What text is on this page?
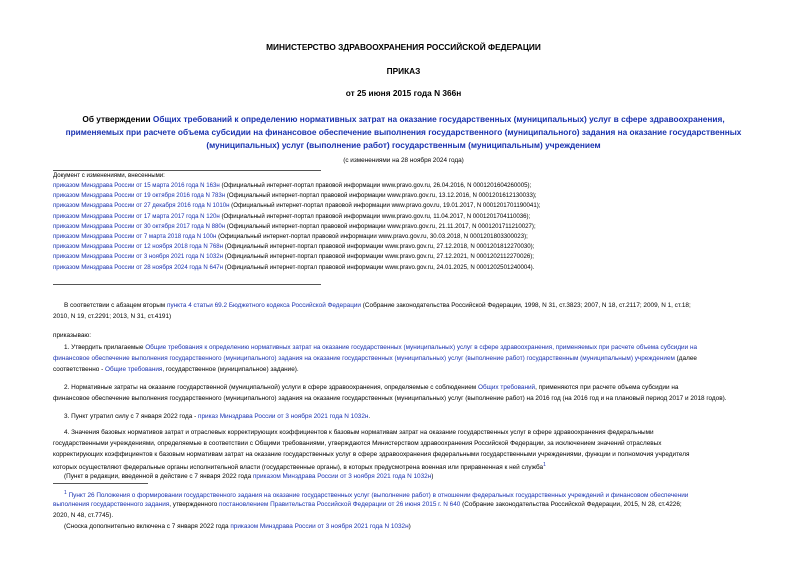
МИНИСТЕРСТВО ЗДРАВООХРАНЕНИЯ РОССИЙСКОЙ ФЕДЕРАЦИИ
ПРИКАЗ
от 25 июня 2015 года N 366н
Об утверждении Общих требований к определению нормативных затрат на оказание государственных (муниципальных) услуг в сфере здравоохранения,
применяемых при расчете объема субсидии на финансовое обеспечение выполнения государственного (муниципального) задания на оказание государственных
(муниципальных) услуг (выполнение работ) государственным (муниципальным) учреждением
(с изменениями на 28 ноября 2024 года)
Документ с изменениями, внесенными:
приказом Минздрава России от 15 марта 2016 года N 163н (Официальный интернет-портал правовой информации www.pravo.gov.ru, 26.04.2016, N 0001201604260005);
приказом Минздрава России от 19 октября 2016 года N 783н (Официальный интернет-портал правовой информации www.pravo.gov.ru, 13.12.2016, N 0001201612130033);
приказом Минздрава России от 27 декабря 2016 года N 1010н (Официальный интернет-портал правовой информации www.pravo.gov.ru, 19.01.2017, N 0001201701190041);
приказом Минздрава России от 17 марта 2017 года N 120н (Официальный интернет-портал правовой информации www.pravo.gov.ru, 11.04.2017, N 0001201704110036);
приказом Минздрава России от 30 октября 2017 года N 880н (Официальный интернет-портал правовой информации www.pravo.gov.ru, 21.11.2017, N 0001201711210027);
приказом Минздрава России от 7 марта 2018 года N 100н (Официальный интернет-портал правовой информации www.pravo.gov.ru, 30.03.2018, N 0001201803300023);
приказом Минздрава России от 12 ноября 2018 года N 768н (Официальный интернет-портал правовой информации www.pravo.gov.ru, 27.12.2018, N 0001201812270030);
приказом Минздрава России от 3 ноября 2021 года N 1032н (Официальный интернет-портал правовой информации www.pravo.gov.ru, 27.12.2021, N 0001202112270026);
приказом Минздрава России от 28 ноября 2024 года N 647н (Официальный интернет-портал правовой информации www.pravo.gov.ru, 24.01.2025, N 0001202501240004).
В соответствии с абзацем вторым пункта 4 статьи 69.2 Бюджетного кодекса Российской Федерации (Собрание законодательства Российской Федерации, 1998, N 31, ст.3823; 2007, N 18, ст.2117; 2009, N 1, ст.18;
2010, N 19, ст.2291; 2013, N 31, ст.4191)
приказываю:
1. Утвердить прилагаемые Общие требования к определению нормативных затрат на оказание государственных (муниципальных) услуг в сфере здравоохранения, применяемых при расчете объема субсидии на
финансовое обеспечение выполнения государственного (муниципального) задания на оказание государственных (муниципальных) услуг (выполнение работ) государственным (муниципальным) учреждением (далее
соответственно - Общие требования, государственное (муниципальное) задание).
2. Нормативные затраты на оказание государственной (муниципальной) услуги в сфере здравоохранения, определяемые с соблюдением Общих требований, применяются при расчете объема субсидии на
финансовое обеспечение выполнения государственного (муниципального) задания на оказание государственных (муниципальных) услуг (выполнение работ) на 2016 год (на 2016 год и на плановый период 2017 и 2018 годов).
3. Пункт утратил силу с 7 января 2022 года - приказ Минздрава России от 3 ноября 2021 года N 1032н.
4. Значения базовых нормативов затрат и отраслевых корректирующих коэффициентов к базовым нормативам затрат на оказание государственных услуг в сфере здравоохранения федеральными
государственными учреждениями, определяемые в соответствии с Общими требованиями, утверждаются Министерством здравоохранения Российской Федерации, за исключением значений отраслевых
корректирующих коэффициентов к базовым нормативам затрат на оказание государственных услуг в сфере здравоохранения федеральными государственными учреждениями, функции и полномочия учредителя
которых осуществляют федеральные органы исполнительной власти (государственные органы), в которых предусмотрена военная или приравненная к ней служба$^1$
(Пункт в редакции, введенной в действие с 7 января 2022 года приказом Минздрава России от 3 ноября 2021 года N 1032н)
$^1$ Пункт 26 Положения о формировании государственного задания на оказание государственных услуг (выполнение работ) в отношении федеральных государственных учреждений и финансовом обеспечении
выполнения государственного задания, утвержденного постановлением Правительства Российской Федерации от 26 июня 2015 г. N 640 (Собрание законодательства Российской Федерации, 2015, N 28, ст.4226;
2020, N 48, ст.7745).
(Сноска дополнительно включена с 7 января 2022 года приказом Минздрава России от 3 ноября 2021 года N 1032н)
